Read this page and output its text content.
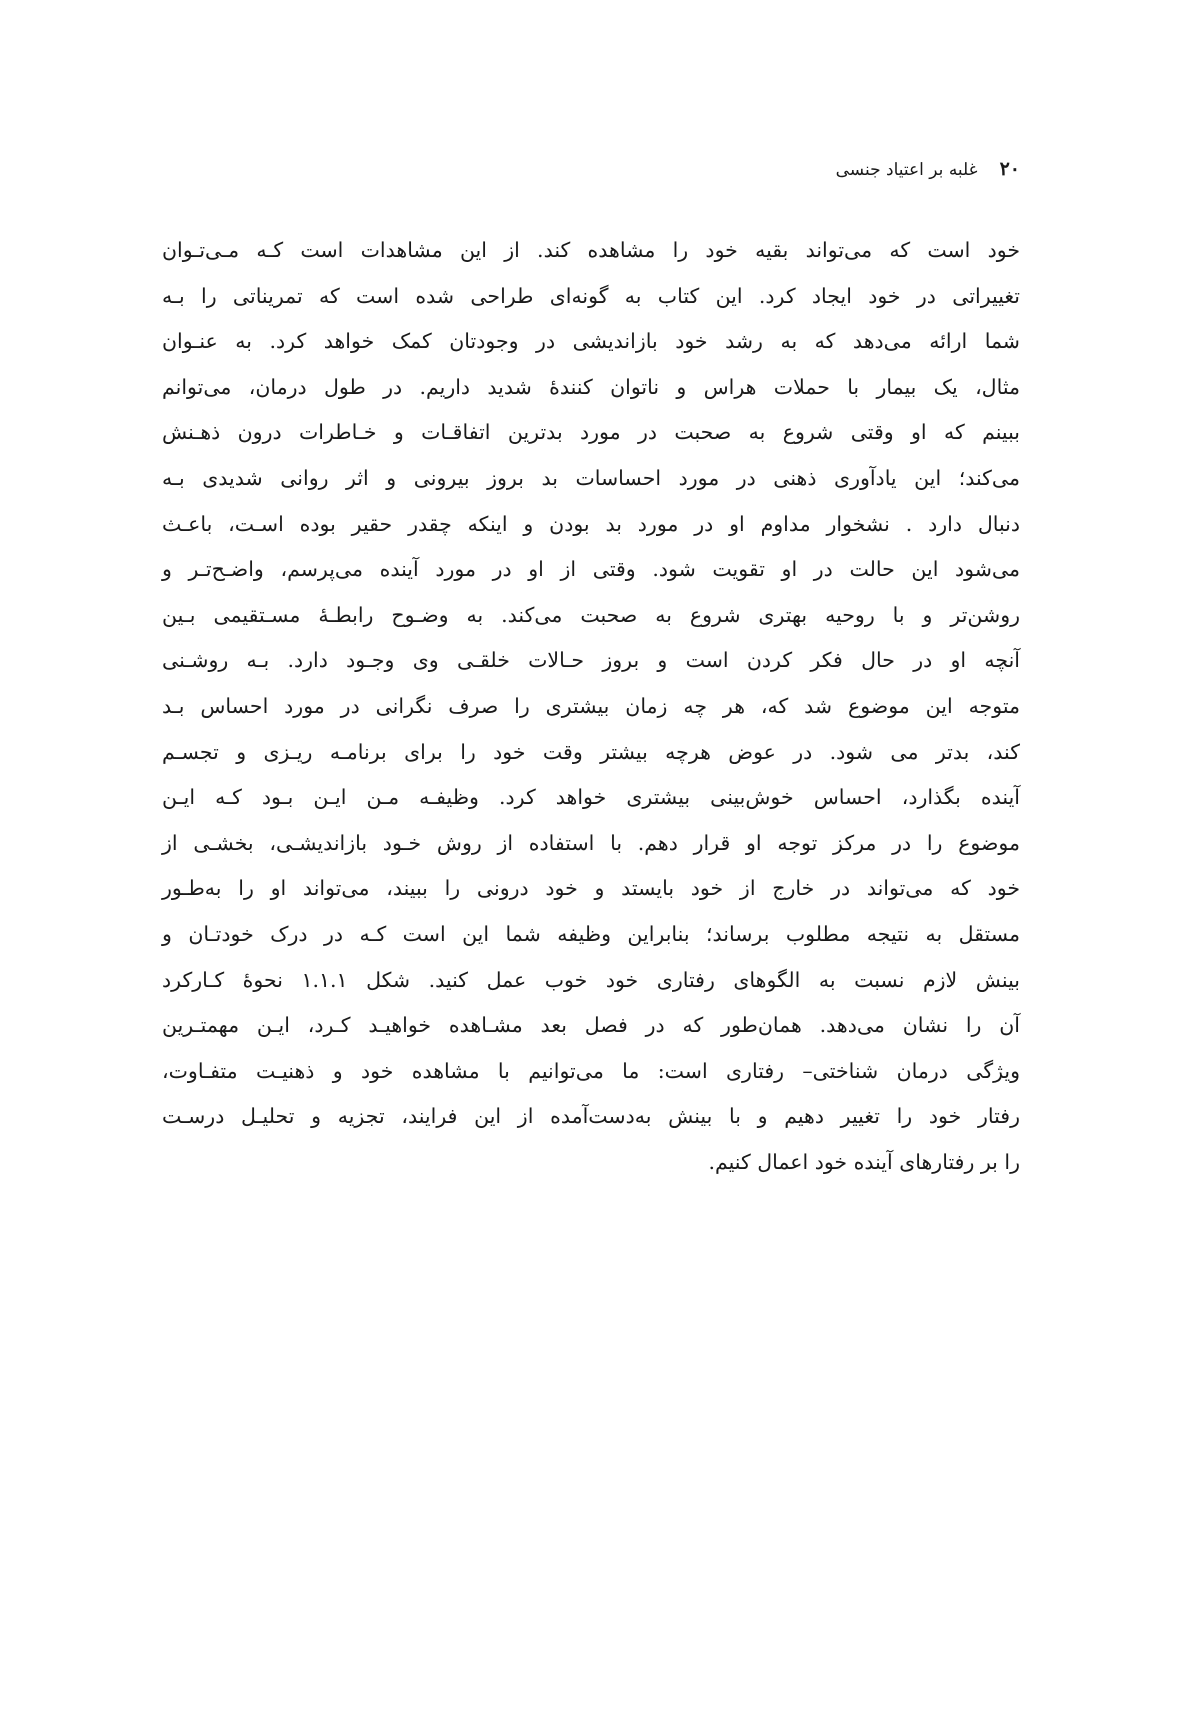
۲۰
غلبه بر اعتیاد جنسی
خود است که می‌تواند بقیه خود را مشاهده کند. از این مشاهدات است کـه مـی‌تـوان
تغییراتی در خود ایجاد کرد. این کتاب به گونه‌ای طراحی شده است که تمریناتی را بـه
شما ارائه می‌دهد که به رشد خود بازاندیشی در وجودتان کمک خواهد کرد. به عنـوان
مثال، یک بیمار با حملات هراس و ناتوان کنندهٔ شدید داریم. در طول درمان، می‌توانم
ببینم که او وقتی شروع به صحبت در مورد بدترین اتفاقـات و خـاطرات درون ذهـنش
می‌کند؛ این یادآوری ذهنی در مورد احساسات بد بروز بیرونی و اثر روانی شدیدی بـه
دنبال دارد . نشخوار مداوم او در مورد بد بودن و اینکه چقدر حقیر بوده اسـت، باعـث
می‌شود این حالت در او تقویت شود. وقتی از او در مورد آینده می‌پرسم، واضـح‌تـر و
روشن‌تر و با روحیه بهتری شروع به صحبت می‌کند. به وضـوح رابطـهٔ مسـتقیمی بـین
آنچه او در حال فکر کردن است و بروز حـالات خلقـی وی وجـود دارد. بـه روشـنی
متوجه این موضوع شد که، هر چه زمان بیشتری را صرف نگرانی در مورد احساس بـد
کند، بدتر می شود. در عوض هرچه بیشتر وقت خود را برای برنامـه ریـزی و تجسـم
آینده بگذارد، احساس خوش‌بینی بیشتری خواهد کرد. وظیفـه مـن ایـن بـود کـه ایـن
موضوع را در مرکز توجه او قرار دهم. با استفاده از روش خـود بازاندیشـی، بخشـی از
خود که می‌تواند در خارج از خود بایستد و خود درونی را ببیند، می‌تواند او را به‌طـور
مستقل به نتیجه مطلوب برساند؛ بنابراین وظیفه شما این است کـه در درک خودتـان و
بینش لازم نسبت به الگوهای رفتاری خود خوب عمل کنید. شکل ۱.۱.۱ نحوهٔ کـارکرد
آن را نشان می‌دهد. همان‌طور که در فصل بعد مشـاهده خواهیـد کـرد، ایـن مهمتـرین
ویژگی درمان شناختی– رفتاری است: ما می‌توانیم با مشاهده خود و ذهنیـت متفـاوت،
رفتار خود را تغییر دهیم و با بینش به‌دست‌آمده از این فرایند، تجزیه و تحلیـل درسـت
را بر رفتارهای آینده خود اعمال کنیم.
